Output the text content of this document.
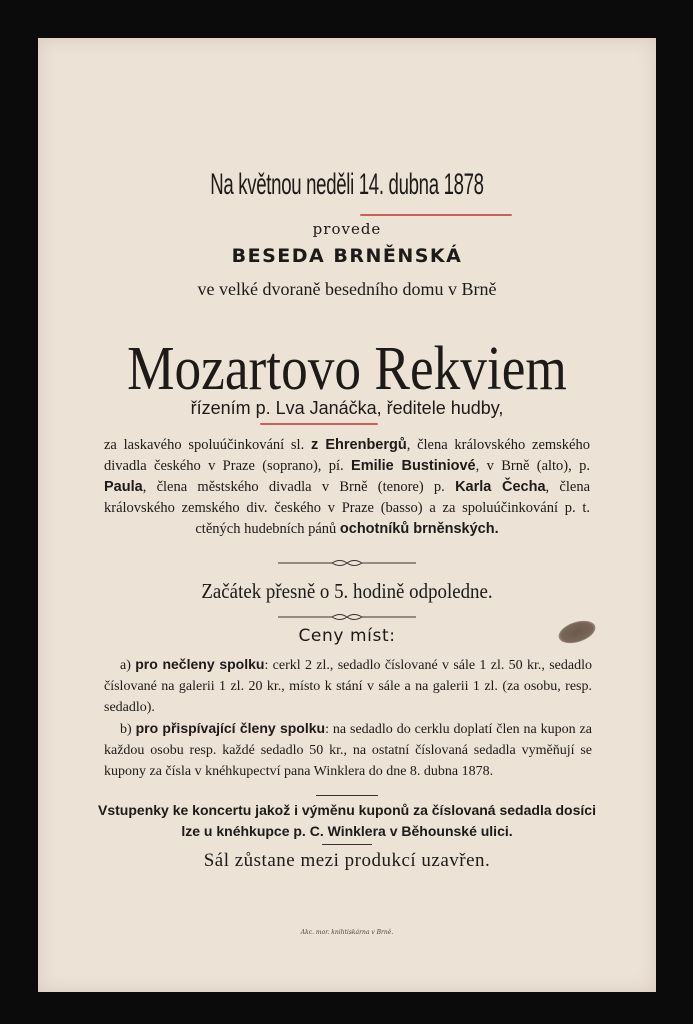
Na květnou neděli 14. dubna 1878
provede
BESEDA BRNĚNSKÁ
ve velké dvoraně besedního domu v Brně
Mozartovo Rekviem
řízením p. Lva Janáčka, ředitele hudby,
za laskavého spoluúčinkování sl. z Ehrenbergů, člena královského zemského divadla českého v Praze (soprano), pí. Emilie Bustiniové, v Brně (alto), p. Paula, člena městského divadla v Brně (tenore) p. Karla Čecha, člena královského zemského div. českého v Praze (basso) a za spoluúčinkování p. t. ctěných hudebních pánů ochotníků brněnských.
Začátek přesně o 5. hodině odpoledne.
Ceny míst:

a) pro nečleny spolku: cerkl 2 zl., sedadlo číslované v sále 1 zl. 50 kr., sedadlo číslované na galerii 1 zl. 20 kr., místo k stání v sále a na galerii 1 zl. (za osobu, resp. sedadlo).

b) pro přispívající členy spolku: na sedadlo do cerklu doplatí člen na kupon za každou osobu resp. každé sedadlo 50 kr., na ostatní číslovaná sedadla vyměňují se kupony za čísla v knéhkupectví pana Winklera do dne 8. dubna 1878.

Vstupenky ke koncertu jakož i výměnu kuponů za číslovaná sedadla dosíci lze u knéhkupce p. C. Winklera v Běhounské ulici.
Sál zůstane mezi produkcí uzavřen.
Akc. mor. knihtiskárna v Brně.
